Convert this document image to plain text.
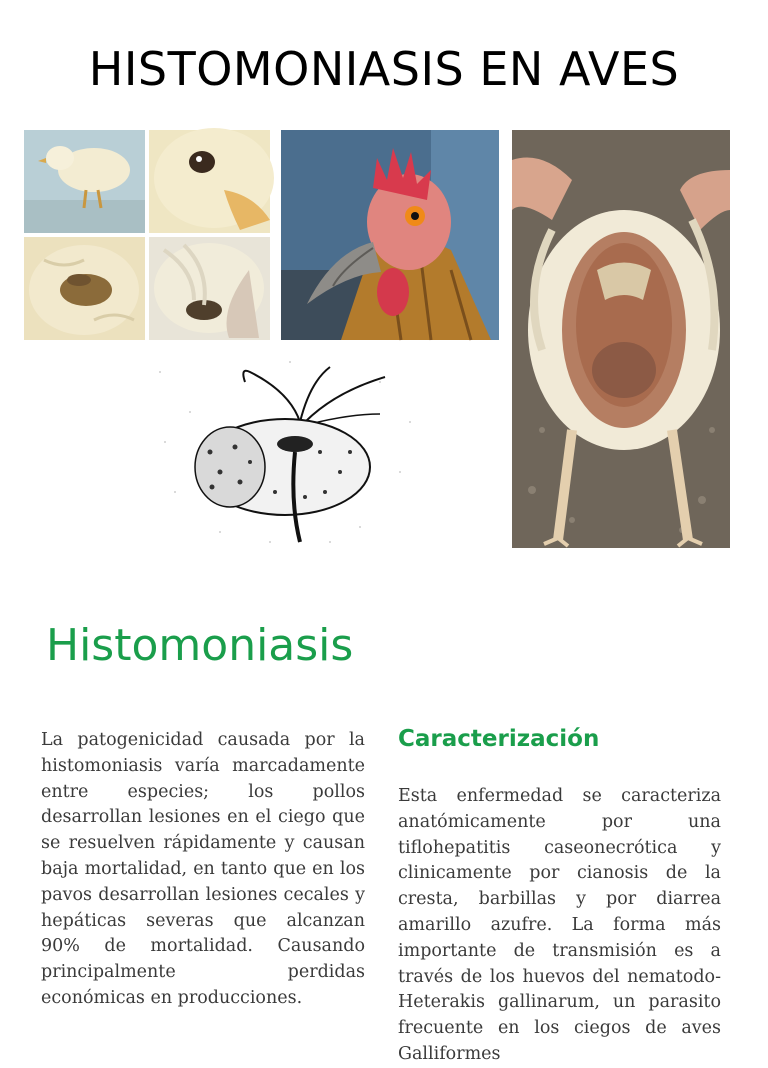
HISTOMONIASIS EN AVES
Histomoniasis

La patogenicidad causada por la histomoniasis varía marcadamente entre especies; los pollos desarrollan lesiones en el ciego que se resuelven rápidamente y causan baja mortalidad, en tanto que en los pavos desarrollan lesiones cecales y hepáticas severas que alcanzan 90% de mortalidad. Causando principalmente perdidas económicas en producciones.

Caracterización

Esta enfermedad se caracteriza anatómicamente por una tiflohepatitis caseonecrótica y clinicamente por cianosis de la cresta, barbillas y por diarrea amarillo azufre. La forma más importante de transmisión es a través de los huevos del nematodo-Heterakis gallinarum, un parasito frecuente en los ciegos de aves Galliformes
